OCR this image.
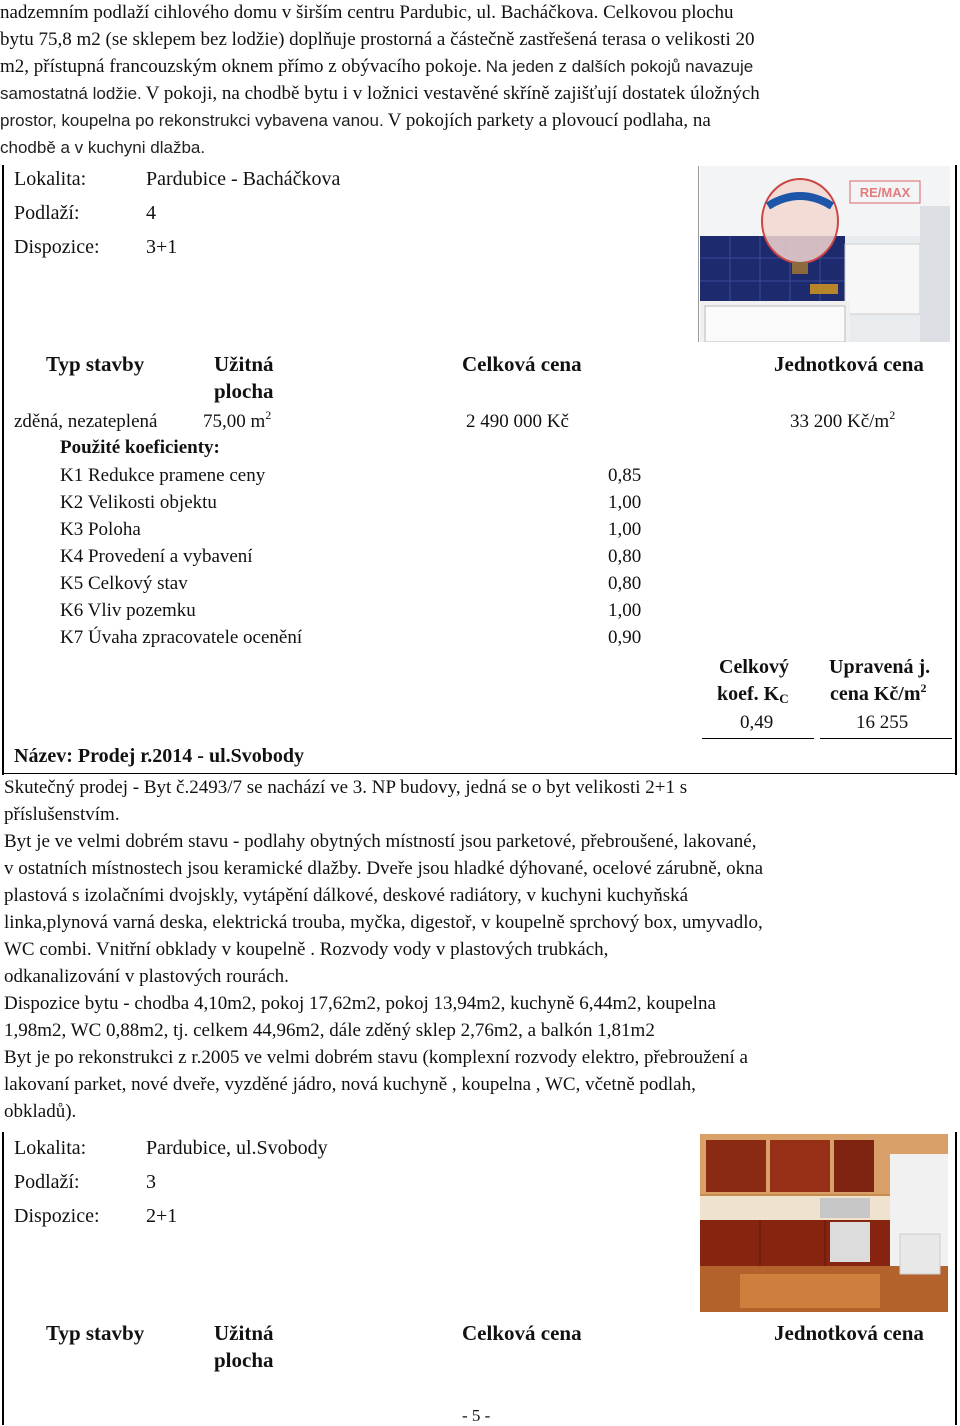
nadzemním podlaží cihlového domu v širším centru Pardubic, ul. Bacháčkova. Celkovou plochu
bytu 75,8 m2 (se sklepem bez lodžie) doplňuje prostorná a částečně zastřešená terasa o velikosti 20
m2, přístupná francouzským oknem přímo z obývacího pokoje. Na jeden z dalších pokojů navazuje
samostatná lodžie. V pokoji, na chodbě bytu i v ložnici vestavěné skříně zajišťují dostatek úložných
prostor, koupelna po rekonstrukci vybavena vanou. V pokojích parkety a plovoucí podlaha, na
chodbě a v kuchyni dlažba.
Lokalita:	Pardubice - Bacháčkova
Podlaží:	4
Dispozice: 3+1
RE/MAX
Typ stavby	Užitná
plocha
Celková cena	Jednotková cena
zděná, nezateplená 75,00 $m^2$	2 490 000 Kč	33 200 $Kč/m^2$
Použité koeficienty:
K1 Redukce pramene ceny	0,85
K2 Velikosti objektu	1,00
K3 Poloha	1,00
K4 Provedení a vybavení	0,80
K5 Celkový stav	0,80
K6 Vliv pozemku	1,00
K7 Úvaha zpracovatele ocenění	0,90
Celkový
koef. $K_C$
Upravená j.
cena $Kč/m^2$
0,49	16 255
Název: Prodej r.2014 - ul.Svobody
Skutečný prodej - Byt č.2493/7 se nachází ve 3. NP budovy, jedná se o byt velikosti 2+1 s
příslušenstvím.
Byt je ve velmi dobrém stavu - podlahy obytných místností jsou parketové, přebroušené, lakované,
v ostatních místnostech jsou keramické dlažby. Dveře jsou hladké dýhované, ocelové zárubně, okna
plastová s izolačními dvojskly, vytápění dálkové, deskové radiátory, v kuchyni kuchyňská
linka,plynová varná deska, elektrická trouba, myčka, digestoř, v koupelně sprchový box, umyvadlo,
WC combi. Vnitřní obklady v koupelně . Rozvody vody v plastových trubkách,
odkanalizování v plastových rourách.
Dispozice bytu - chodba 4,10m2, pokoj 17,62m2, pokoj 13,94m2, kuchyně 6,44m2, koupelna
1,98m2, WC 0,88m2, tj. celkem 44,96m2, dále zděný sklep 2,76m2, a balkón 1,81m2
Byt je po rekonstrukci z r.2005 ve velmi dobrém stavu (komplexní rozvody elektro, přebroužení a
lakovaní parket, nové dveře, vyzděné jádro, nová kuchyně , koupelna , WC, včetně podlah,
obkladů).
Lokalita:	Pardubice, ul.Svobody
Podlaží:	3
Dispozice: 2+1
Typ stavby	Užitná
plocha
Celková cena	Jednotková cena
- 5 -
